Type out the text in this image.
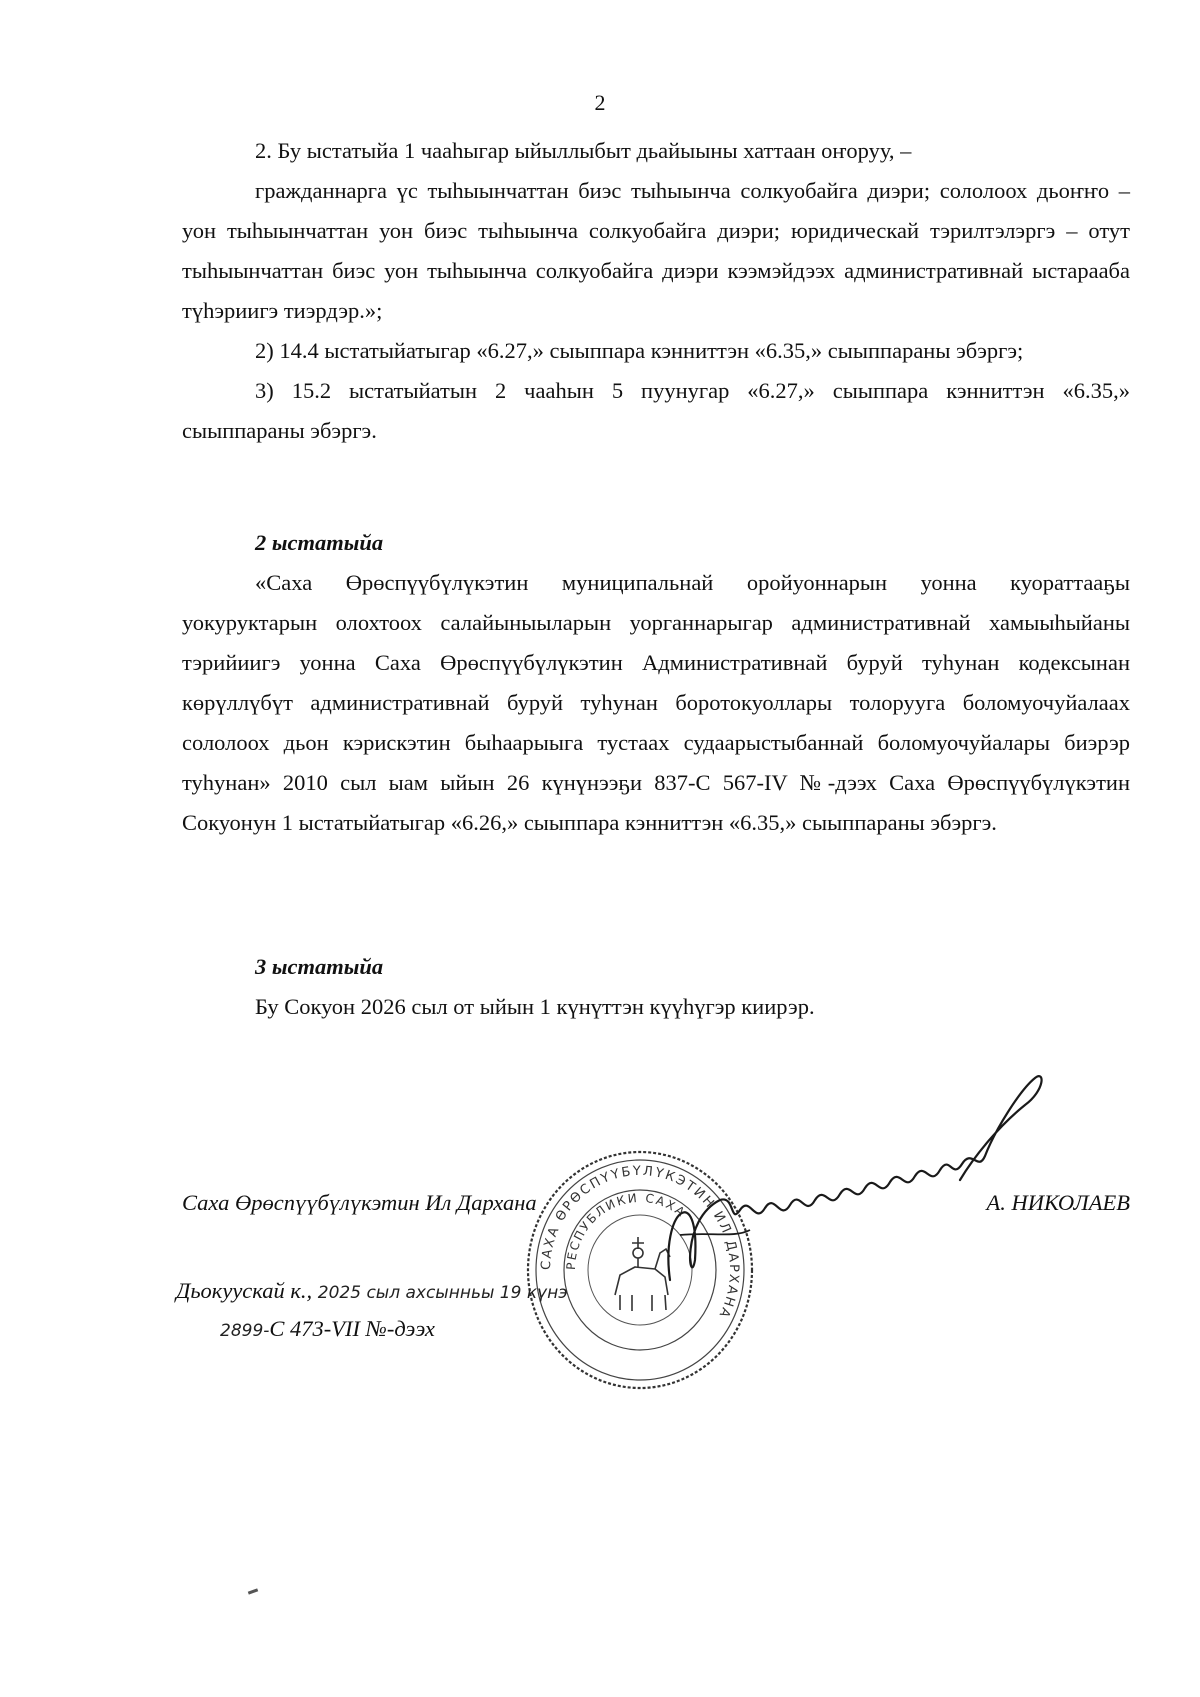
2

2. Бу ыстатыйа 1 чааһыгар ыйыллыбыт дьайыыны хаттаан оҥоруу, –

гражданнарга үс тыһыынчаттан биэс тыһыынча солкуобайга диэри; сололоох дьоҥҥо – уон тыһыынчаттан уон биэс тыһыынча солкуобайга диэри; юридическай тэрилтэлэргэ – отут тыһыынчаттан биэс уон тыһыынча солкуобайга диэри кээмэйдээх административнай ыстарааба түһэриигэ тиэрдэр.»;

2) 14.4 ыстатыйатыгар «6.27,» сыыппара кэнниттэн «6.35,» сыыппараны эбэргэ;

3) 15.2 ыстатыйатын 2 чааһын 5 пуунугар «6.27,» сыыппара кэнниттэн «6.35,» сыыппараны эбэргэ.

2 ыстатыйа

«Саха Өрөспүүбүлүкэтин муниципальнай оройуоннарын уонна куораттааҕы уокуруктарын олохтоох салайыныыларын уорганнарыгар административнай хамыыһыйаны тэрийиигэ уонна Саха Өрөспүүбүлүкэтин Административнай буруй туһунан кодексынан көрүллүбүт административнай буруй туһунан боротокуоллары толоруугa боломуочуйалаах сололоох дьон кэрискэтин быһаарыыга тустаах судаарыстыбаннай боломуочуйалары биэрэр туһунан» 2010 сыл ыам ыйын 26 күнүнээҕи 837-С 567-IV №-дээх Саха Өрөспүүбүлүкэтин Сокуонун 1 ыстатыйатыгар «6.26,» сыыппара кэнниттэн «6.35,» сыыппараны эбэргэ.

3 ыстатыйа

Бу Сокуон 2026 сыл от ыйын 1 күнүттэн күүһүгэр киирэр.

САХА ӨРӨСПҮҮБҮЛҮКЭТИН ИЛ ДАРХАНА
РЕСПУБЛИКИ САХА
Саха Өрөспүүбүлүкэтин Ил Дархана	А. НИКОЛАЕВ
Дьокуускай к., 2025 сыл ахсынньы 19 күнэ
2899-С 473-VII №-дээх
